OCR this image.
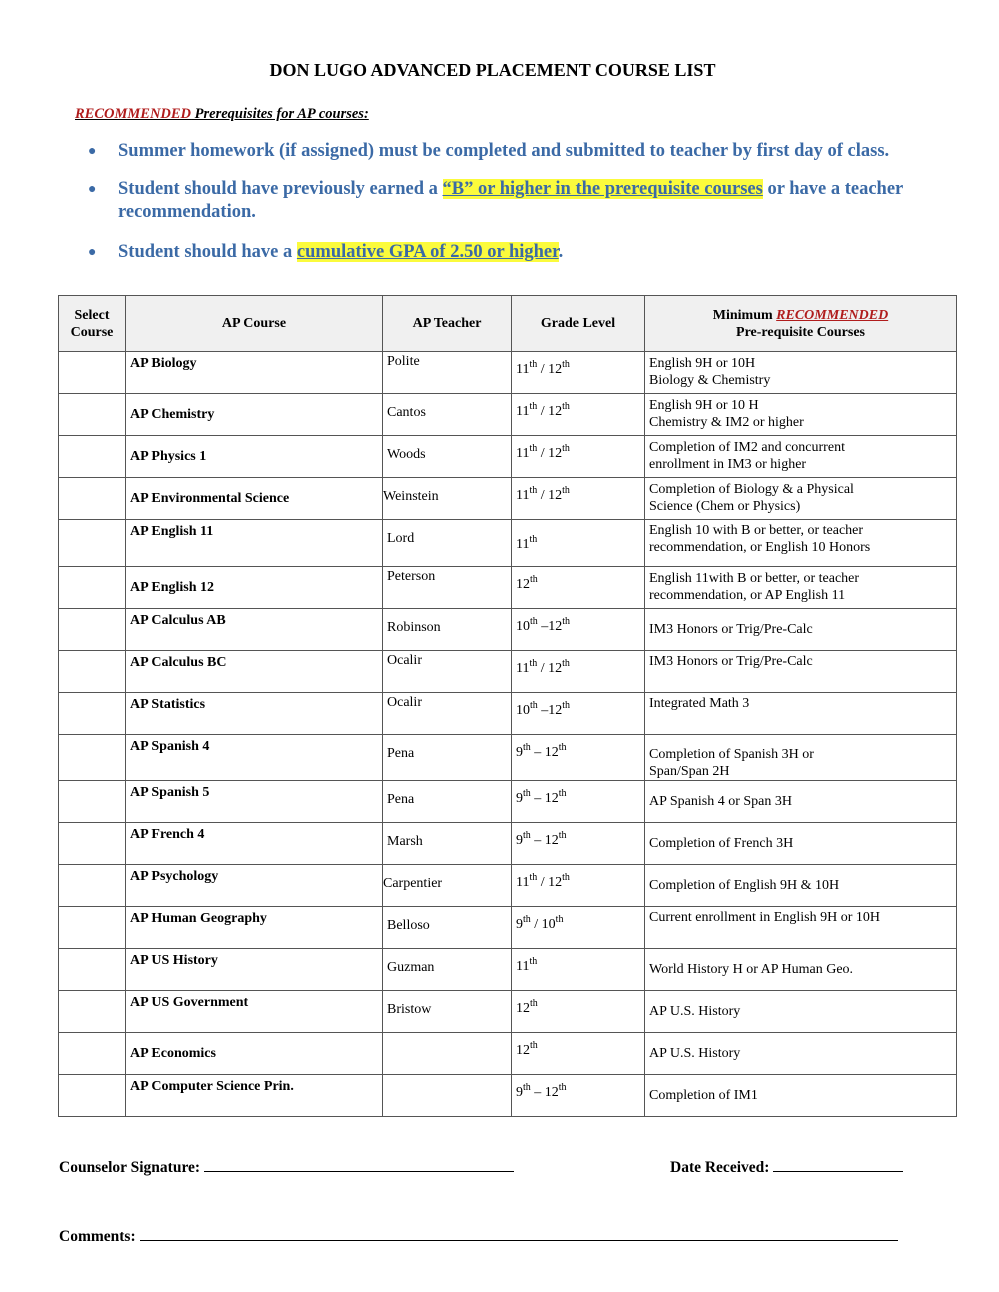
DON LUGO ADVANCED PLACEMENT COURSE LIST
RECOMMENDED Prerequisites for AP courses:
● Summer homework (if assigned) must be completed and submitted to teacher by first day of class.
● Student should have previously earned a “B” or higher in the prerequisite courses or have a teacher recommendation.
● Student should have a cumulative GPA of 2.50 or higher.
Select
Course	AP Course	AP Teacher	Grade Level	Minimum RECOMMENDED
Pre-requisite Courses

	AP Biology	Polite	11th / 12th	English 9H or 10H
Biology & Chemistry

	AP Chemistry	Cantos	11th / 12th	English 9H or 10 H
Chemistry & IM2 or higher

	AP Physics 1	Woods	11th / 12th	Completion of IM2 and concurrent
enrollment in IM3 or higher

	AP Environmental Science	Weinstein	11th / 12th	Completion of Biology & a Physical
Science (Chem or Physics)

	AP English 11	Lord	11th	English 10 with B or better, or teacher
recommendation, or English 10 Honors

	AP English 12	Peterson	12th	English 11with B or better, or teacher
recommendation, or AP English 11

	AP Calculus AB	Robinson	10th –12th	IM3 Honors or Trig/Pre-Calc

	AP Calculus BC	Ocalir	11th / 12th	IM3 Honors or Trig/Pre-Calc

	AP Statistics	Ocalir	10th –12th	Integrated Math 3

	AP Spanish 4	Pena	9th – 12th	Completion of Spanish 3H or
Span/Span 2H

	AP Spanish 5	Pena	9th – 12th	AP Spanish 4 or Span 3H

	AP French 4	Marsh	9th – 12th	Completion of French 3H

	AP Psychology	Carpentier	11th / 12th	Completion of English 9H & 10H

	AP Human Geography	Belloso	9th / 10th	Current enrollment in English 9H or 10H

	AP US History	Guzman	11th	World History H or AP Human Geo.

	AP US Government	Bristow	12th	AP U.S. History

	AP Economics		12th	AP U.S. History

	AP Computer Science Prin.		9th – 12th	Completion of IM1
Counselor Signature:	Date Received:
Comments:
